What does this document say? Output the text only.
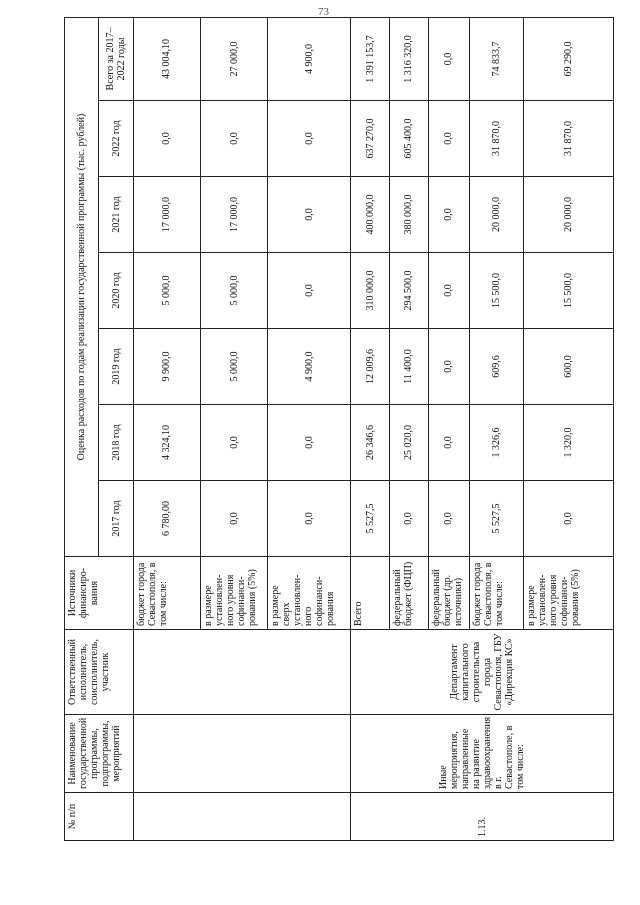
73
№ п/п	Наименование государственной программы, подпрограммы, мероприятий	Ответственный исполнитель, соисполнитель, участник	Источники финансиро-вания	Оценка расходов по годам реализации государственной программы (тыс. рублей)						
				2017 год	2018 год	2019 год	2020 год	2021 год	2022 год	Всего за 2017–2022 годы
			бюджет города Севастополя, в том числе:	6 780,00	4 324,10	9 900,0	5 000,0	17 000,0	0,0	43 004,10
			в размере установлен-ного уровня софинанси-рования (5%)	0,0	0,0	5 000,0	5 000,0	17 000,0	0,0	27 000,0
			в размере сверх установлен-ного софинанси-рования	0,0	0,0	4 900,0	0,0	0,0	0,0	4 900,0
1.13.	Иные мероприятия, направленные на развитие здравоохранения в г. Севастополе, в том числе:	Департамент капитального строительства города Севастополя, ГБУ «Дирекция КС»	Всего	5 527,5	26 346,6	12 009,6	310 000,0	400 000,0	637 270,0	1 391 153,7
			федеральный бюджет (ФЦП)	0,0	25 020,0	11 400,0	294 500,0	380 000,0	605 400,0	1 316 320,0
			федеральный бюджет (др. источники)	0,0	0,0	0,0	0,0	0,0	0,0	0,0
			бюджет города Севастополя, в том числе:	5 527,5	1 326,6	609,6	15 500,0	20 000,0	31 870,0	74 833,7
			в размере установлен-ного уровня софинанси-рования (5%)	0,0	1 320,0	600,0	15 500,0	20 000,0	31 870,0	69 290,0
